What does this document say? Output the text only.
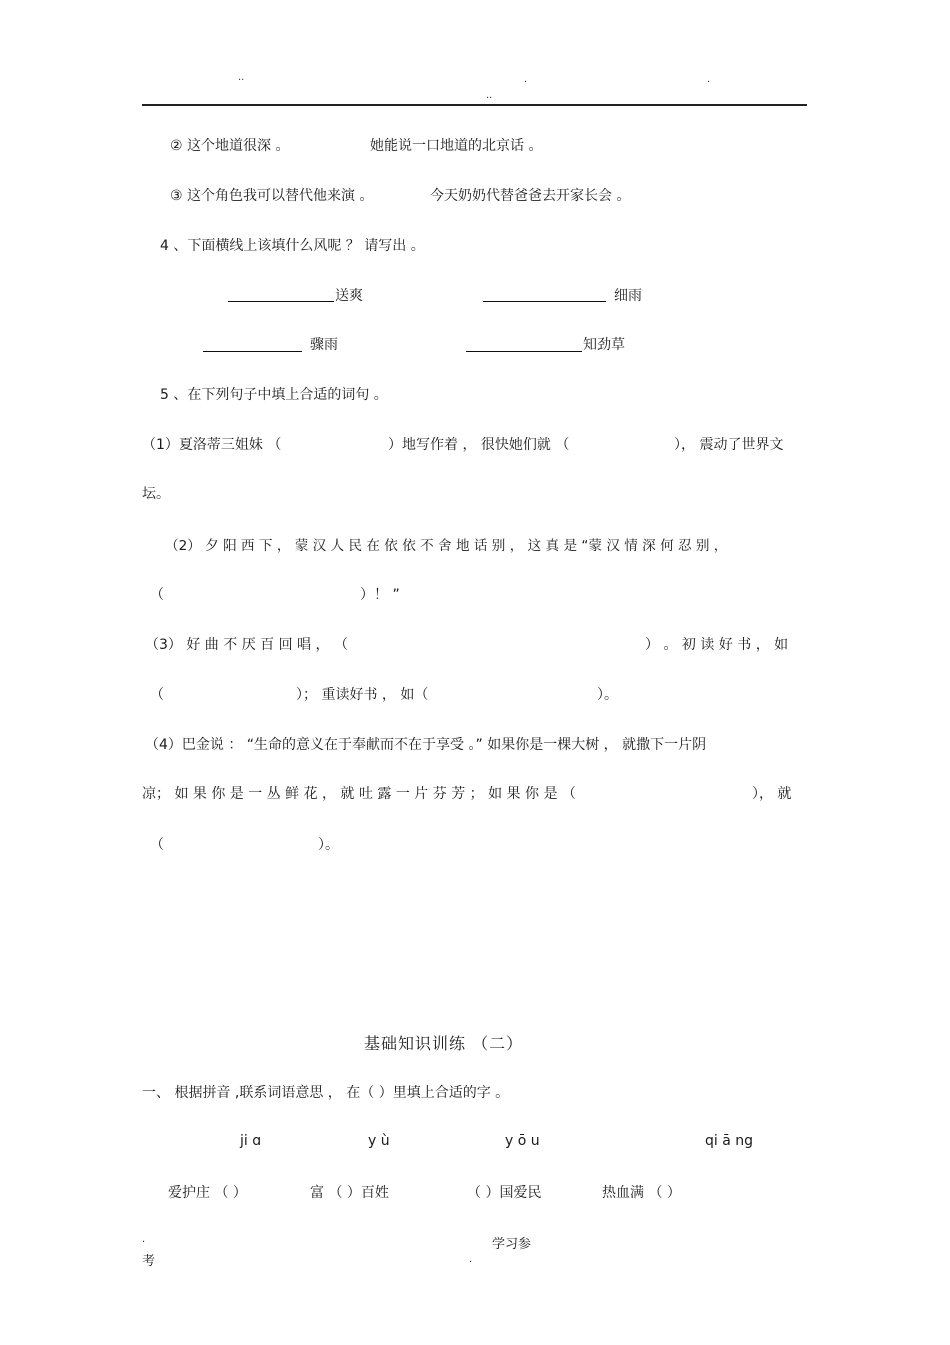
..	.	.
..
② 这个地道很深 。	她能说一口地道的北京话 。
③ 这个角色我可以替代他来演 。	今天奶奶代替爸爸去开家长会 。
4 、下面横线上该填什么风呢 ？ 请写出 。
送爽	细雨
骤雨	知劲草
5 、在下列句子中填上合适的词句 。
（1）夏洛蒂三姐妹 （	）地写作着 ， 很快她们就 （	）， 震动了世界文
坛。
（2） 夕 阳 西 下 ， 蒙 汉 人 民 在 依 依 不 舍 地 话 别 ， 这 真 是 “蒙 汉 情 深 何 忍 别 ，
（	）！ ”
（3） 好 曲 不 厌 百 回 唱 ， （	） 。 初 读 好 书 ， 如
（	）； 重读好书 ， 如（	）。
（4）巴金说 ： “生命的意义在于奉献而不在于享受 。” 如果你是一棵大树 ， 就撒下一片阴
凉； 如 果 你 是 一 丛 鲜 花 ， 就 吐 露 一 片 芬 芳 ； 如 果 你 是 （	）， 就
（	）。
基础知识训练 （二）
一、 根据拼音 ,联系词语意思 ， 在（ ）里填上合适的字 。
ji ɑ	y ù	y ō u	qi ā ng
爱护庄 （ ）	富 （ ）百姓	（ ）国爱民	热血满 （ ）
.	学习参
考	.
